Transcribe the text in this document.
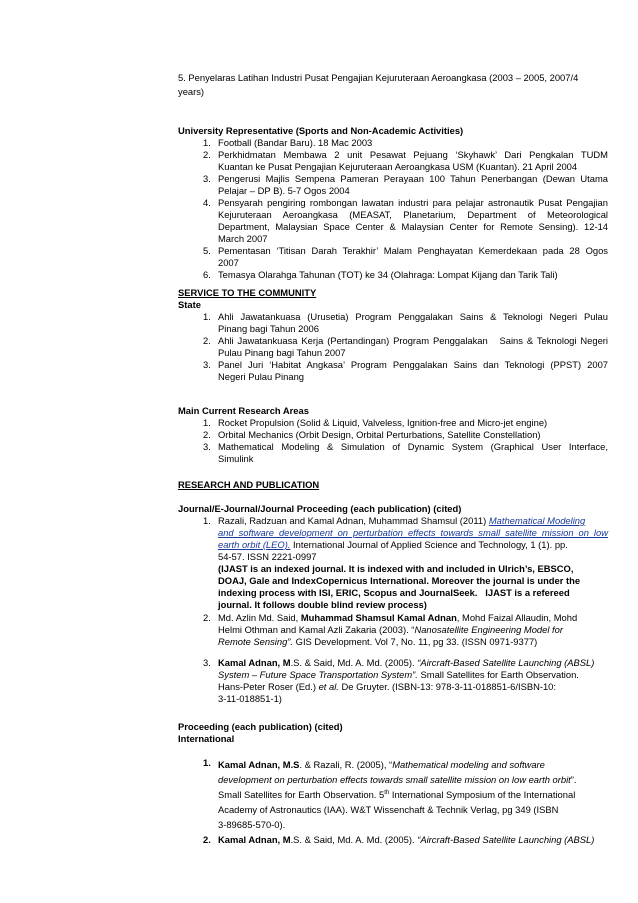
5. Penyelaras Latihan Industri Pusat Pengajian Kejuruteraan Aeroangkasa (2003 – 2005, 2007/4
years)
University Representative (Sports and Non-Academic Activities)
1. Football (Bandar Baru). 18 Mac 2003
2. Perkhidmatan Membawa 2 unit Pesawat Pejuang ‘Skyhawk’ Dari Pengkalan TUDM
Kuantan ke Pusat Pengajian Kejuruteraan Aeroangkasa USM (Kuantan). 21 April 2004
3. Pengerusi Majlis Sempena Pameran Perayaan 100 Tahun Penerbangan (Dewan Utama
Pelajar – DP B). 5-7 Ogos 2004
4. Pensyarah pengiring rombongan lawatan industri para pelajar astronautik Pusat Pengajian
Kejuruteraan Aeroangkasa (MEASAT, Planetarium, Department of Meteorological
Department, Malaysian Space Center & Malaysian Center for Remote Sensing). 12-14
March 2007
5. Pementasan ‘Titisan Darah Terakhir’ Malam Penghayatan Kemerdekaan pada 28 Ogos
2007
6. Temasya Olarahga Tahunan (TOT) ke 34 (Olahraga: Lompat Kijang dan Tarik Tali)
SERVICE TO THE COMMUNITY
State
1. Ahli Jawatankuasa (Urusetia) Program Penggalakan Sains & Teknologi Negeri Pulau
Pinang bagi Tahun 2006
2. Ahli Jawatankuasa Kerja (Pertandingan) Program Penggalakan   Sains & Teknologi Negeri
Pulau Pinang bagi Tahun 2007
3. Panel Juri ‘Habitat Angkasa’ Program Penggalakan Sains dan Teknologi (PPST) 2007
Negeri Pulau Pinang
Main Current Research Areas
1. Rocket Propulsion (Solid & Liquid, Valveless, Ignition-free and Micro-jet engine)
2. Orbital Mechanics (Orbit Design, Orbital Perturbations, Satellite Constellation)
3. Mathematical Modeling & Simulation of Dynamic System (Graphical User Interface,
Simulink
RESEARCH AND PUBLICATION
Journal/E-Journal/Journal Proceeding (each publication) (cited)
1. Razali, Radzuan and Kamal Adnan, Muhammad Shamsul (2011) Mathematical Modeling
and software development on perturbation effects towards small satellite mission on low
earth orbit (LEO). International Journal of Applied Science and Technology, 1 (1). pp.
54-57. ISSN 2221-0997
(IJAST is an indexed journal. It is indexed with and included in Ulrich’s, EBSCO,
DOAJ, Gale and IndexCopernicus International. Moreover the journal is under the
indexing process with ISI, ERIC, Scopus and JournalSeek.   IJAST is a refereed
journal. It follows double blind review process)
2. Md. Azlin Md. Said, Muhammad Shamsul Kamal Adnan, Mohd Faizal Allaudin, Mohd
Helmi Othman and Kamal Azli Zakaria (2003). “Nanosatellite Engineering Model for
Remote Sensing”. GIS Development. Vol 7, No. 11, pg 33. (ISSN 0971-9377)
3. Kamal Adnan, M.S. & Said, Md. A. Md. (2005). “Aircraft-Based Satellite Launching (ABSL)
System – Future Space Transportation System”. Small Satellites for Earth Observation.
Hans-Peter Roser (Ed.) et al. De Gruyter. (ISBN-13: 978-3-11-018851-6/ISBN-10:
3-11-018851-1)
Proceeding (each publication) (cited)
International
1. Kamal Adnan, M.S. & Razali, R. (2005), “Mathematical modeling and software
development on perturbation effects towards small satellite mission on low earth orbit”.
Small Satellites for Earth Observation. 5th International Symposium of the International
Academy of Astronautics (IAA). W&T Wissenchaft & Technik Verlag, pg 349 (ISBN
3-89685-570-0).
2. Kamal Adnan, M.S. & Said, Md. A. Md. (2005). “Aircraft-Based Satellite Launching (ABSL)
